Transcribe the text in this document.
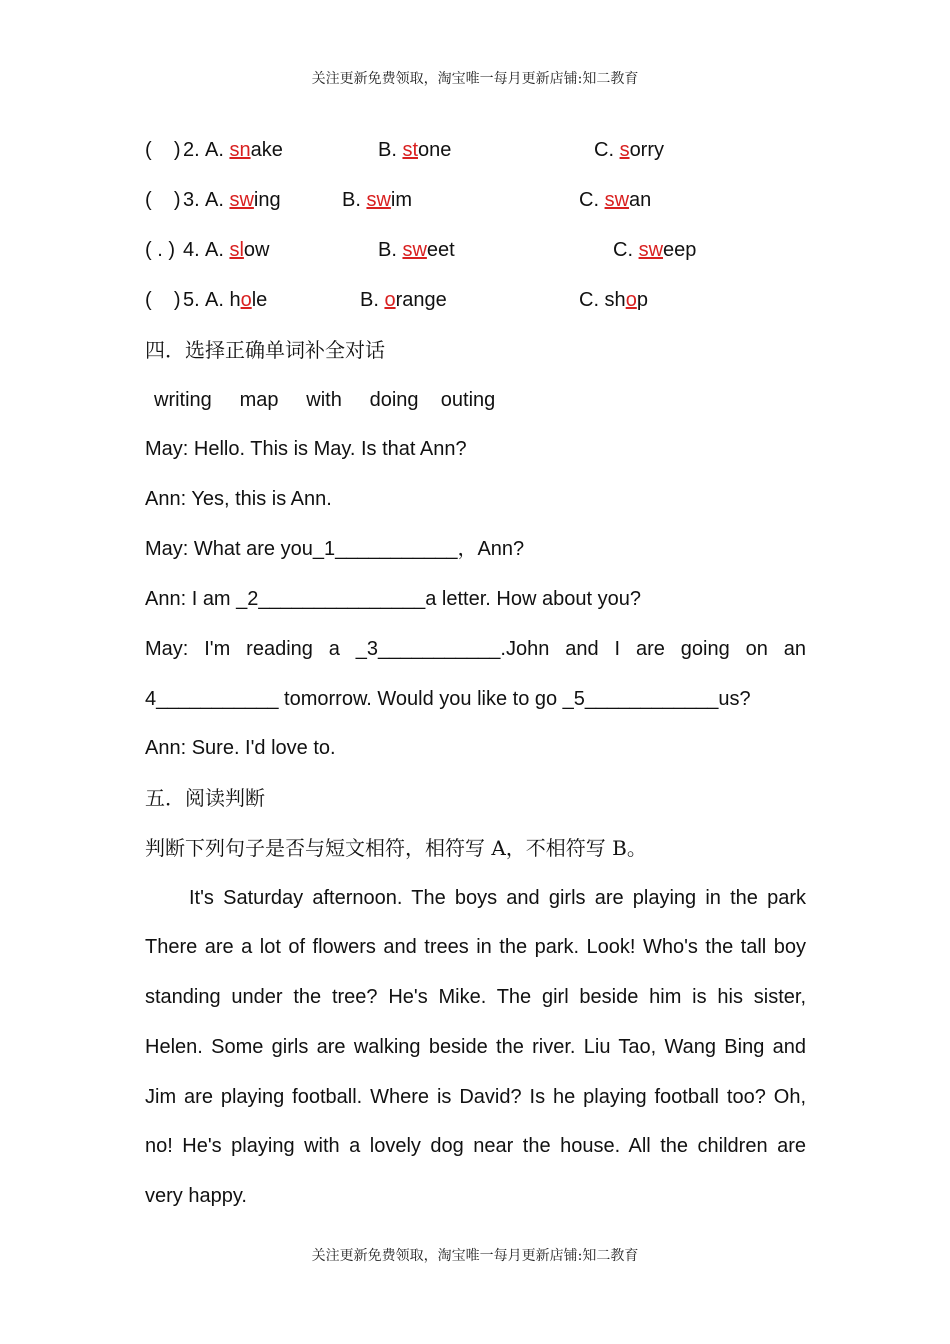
关注更新免费领取，淘宝唯一每月更新店铺:知二教育

(    )

2.

A. snake

	B. stone

	C. sorry

(    )

3.

A. swing

	B. swim

	C. swan

( . )

4.

A. slow

	B. sweet

	C. sweep

(    )

5.

A. hole

	B. orange

	C. shop

四．选择正确单词补全对话
writing     map     with     doing    outing
May: Hello. This is May. Is that Ann?
Ann: Yes, this is Ann.
May: What are you_1___________，Ann?
Ann: I am _2_______________a letter. How about you?
May: I'm reading a _3___________.John and I are going on an
4___________ tomorrow. Would you like to go _5____________us?
Ann: Sure. I'd love to.
五．阅读判断
判断下列句子是否与短文相符，相符写 A，不相符写 B。
It's Saturday afternoon. The boys and girls are playing in the park
There are a lot of flowers and trees in the park. Look! Who's the tall boy
standing under the tree? He's Mike. The girl beside him is his sister,
Helen. Some girls are walking beside the river. Liu Tao, Wang Bing and
Jim are playing football. Where is David? Is he playing football too? Oh,
no! He's playing with a lovely dog near the house. All the children are
very happy.
关注更新免费领取，淘宝唯一每月更新店铺:知二教育
